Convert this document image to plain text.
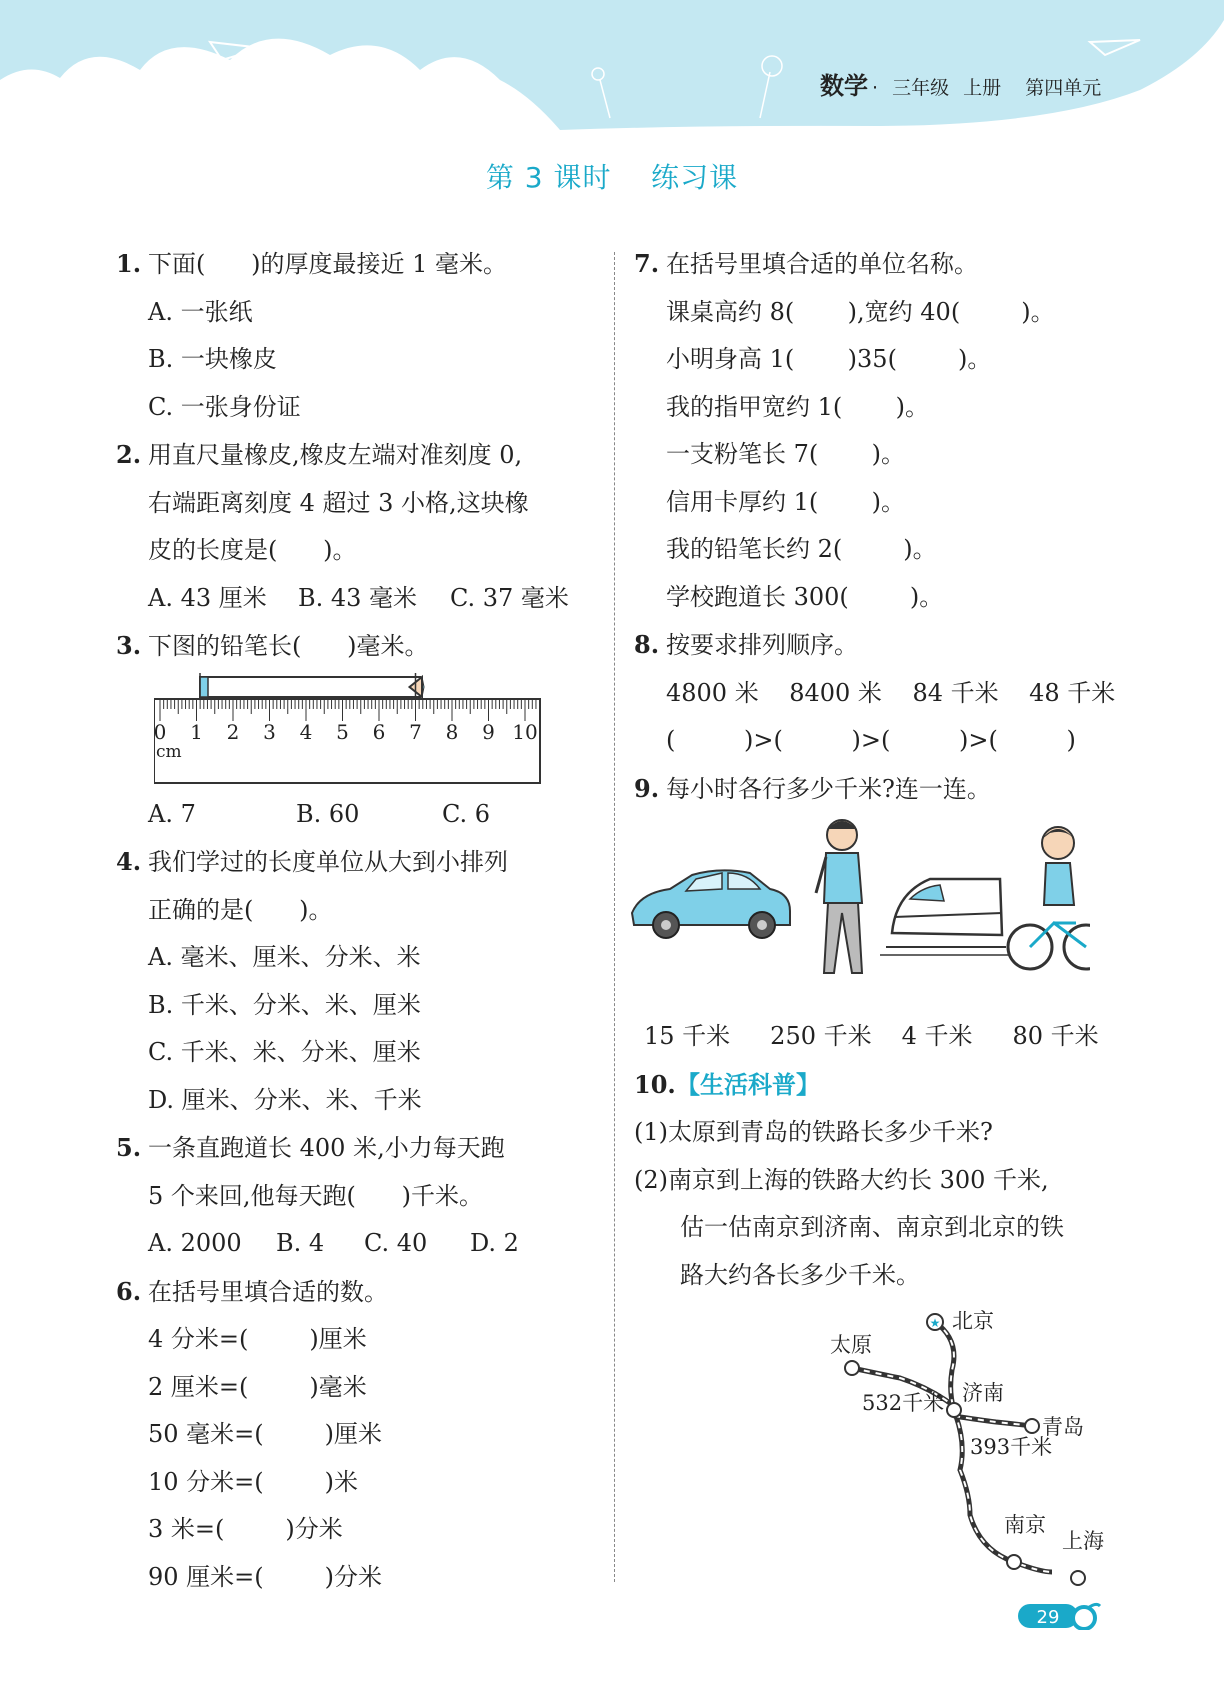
数学 · 三年级 上册 第四单元
第 3 课时    练习课
1. 下面(      )的厚度最接近 1 毫米。
A. 一张纸
B. 一块橡皮
C. 一张身份证
2. 用直尺量橡皮,橡皮左端对准刻度 0,
右端距离刻度 4 超过 3 小格,这块橡
皮的长度是(      )。
A. 43 厘米 B. 43 毫米 C. 37 毫米
3. 下图的铅笔长(      )毫米。
0 1 2 3 4 5 6 7 8 9 10
cm
A. 7	B. 60	C. 6
4. 我们学过的长度单位从大到小排列
正确的是(      )。
A. 毫米、厘米、分米、米
B. 千米、分米、米、厘米
C. 千米、米、分米、厘米
D. 厘米、分米、米、千米
5. 一条直跑道长 400 米,小力每天跑
5 个来回,他每天跑(      )千米。
A. 2000 B. 4 C. 40 D. 2
6. 在括号里填合适的数。
4 分米=(        )厘米
2 厘米=(        )毫米
50 毫米=(        )厘米
10 分米=(        )米
3 米=(        )分米
90 厘米=(        )分米
7. 在括号里填合适的单位名称。
课桌高约 8(       ),宽约 40(        )。
小明身高 1(       )35(        )。
我的指甲宽约 1(       )。
一支粉笔长 7(       )。
信用卡厚约 1(       )。
我的铅笔长约 2(        )。
学校跑道长 300(        )。
8. 按要求排列顺序。
4800 米    8400 米    84 千米    48 千米
(         )>(         )>(         )>(         )
9. 每小时各行多少千米?连一连。
15 千米 250 千米 4 千米 80 千米
10.【生活科普】
(1)太原到青岛的铁路长多少千米?
(2)南京到上海的铁路大约长 300 千米,
估一估南京到济南、南京到北京的铁
路大约各长多少千米。
★ 北京
太原
济南
青岛
南京
上海
532千米
393千米
29
